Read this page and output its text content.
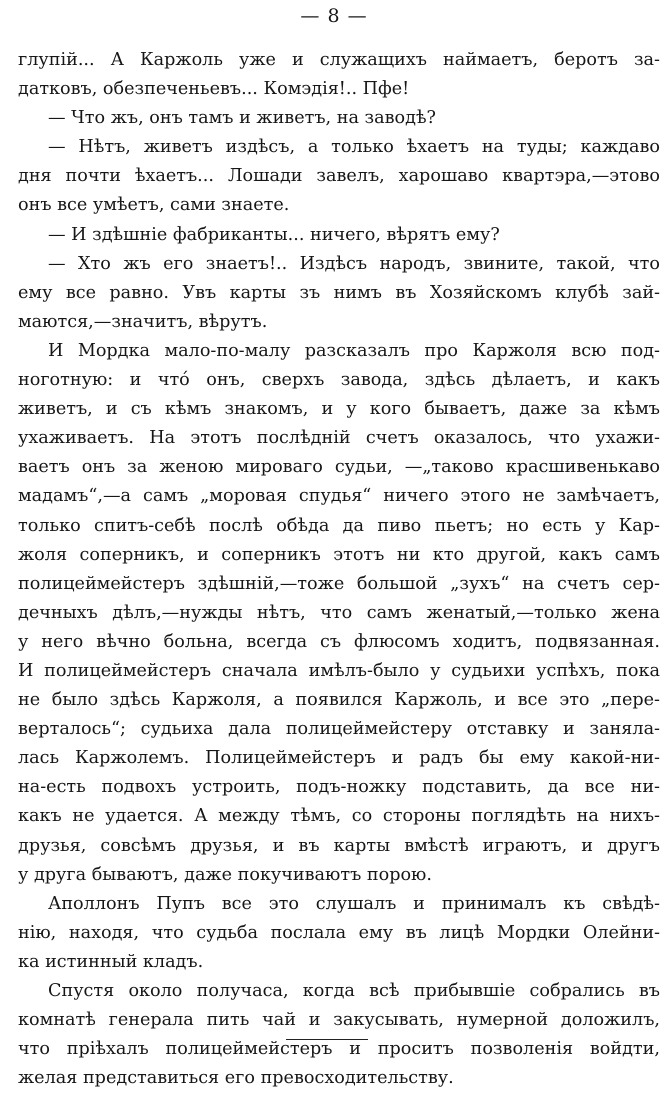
— 8 —
глупій... А Каржоль уже и служащихъ наймаетъ, беротъ за-
датковъ, обезпеченьевъ... Комэдія!.. Пфе!
— Что жъ, онъ тамъ и живетъ, на заводѣ?
— Нѣтъ, живетъ издѣсъ, а только ѣхаетъ на туды; каждаво
дня почти ѣхаетъ... Лошади завелъ, харошаво квартэра,—этово
онъ все умѣетъ, сами знаете.
— И здѣшніе фабриканты... ничего, вѣрятъ ему?
— Хто жъ его знаетъ!.. Издѣсъ народъ, звините, такой, что
ему все равно. Увъ карты зъ нимъ въ Хозяйскомъ клубѣ зай-
маются,—значитъ, вѣрутъ.
И Мордка мало-по-малу разсказалъ про Каржоля всю под-
ноготную: и что́ онъ, сверхъ завода, здѣсь дѣлаетъ, и какъ
живетъ, и съ кѣмъ знакомъ, и у кого бываетъ, даже за кѣмъ
ухаживаетъ. На этотъ послѣдній счетъ оказалось, что ухажи-
ваетъ онъ за женою мироваго судьи, —„таково красшивенькаво
мадамъ“,—а самъ „моровая спудья“ ничего этого не замѣчаетъ,
только спитъ-себѣ послѣ обѣда да пиво пьетъ; но есть у Кар-
жоля соперникъ, и соперникъ этотъ ни кто другой, какъ самъ
полицеймейстеръ здѣшній,—тоже большой „зухъ“ на счетъ сер-
дечныхъ дѣлъ,—нужды нѣтъ, что самъ женатый,—только жена
у него вѣчно больна, всегда съ флюсомъ ходитъ, подвязанная.
И полицеймейстеръ сначала имѣлъ-было у судьихи успѣхъ, пока
не было здѣсь Каржоля, а появился Каржоль, и все это „пере-
верталось“; судьиха дала полицеймейстеру отставку и заняла-
лась Каржолемъ. Полицеймейстеръ и радъ бы ему какой-ни-
на-есть подвохъ устроить, подъ-ножку подставить, да все ни-
какъ не удается. А между тѣмъ, со стороны поглядѣть на нихъ-
друзья, совсѣмъ друзья, и въ карты вмѣстѣ играютъ, и другъ
у друга бываютъ, даже покучиваютъ порою.
Аполлонъ Пупъ все это слушалъ и принималъ къ свѣдѣ-
нію, находя, что судьба послала ему въ лицѣ Мордки Олейни-
ка истинный кладъ.
Спустя около получаса, когда всѣ прибывшіе собрались въ
комнатѣ генерала пить чай и закусывать, нумерной доложилъ,
что пріѣхалъ полицеймейстеръ и проситъ позволенія войдти,
желая представиться его превосходительству.
